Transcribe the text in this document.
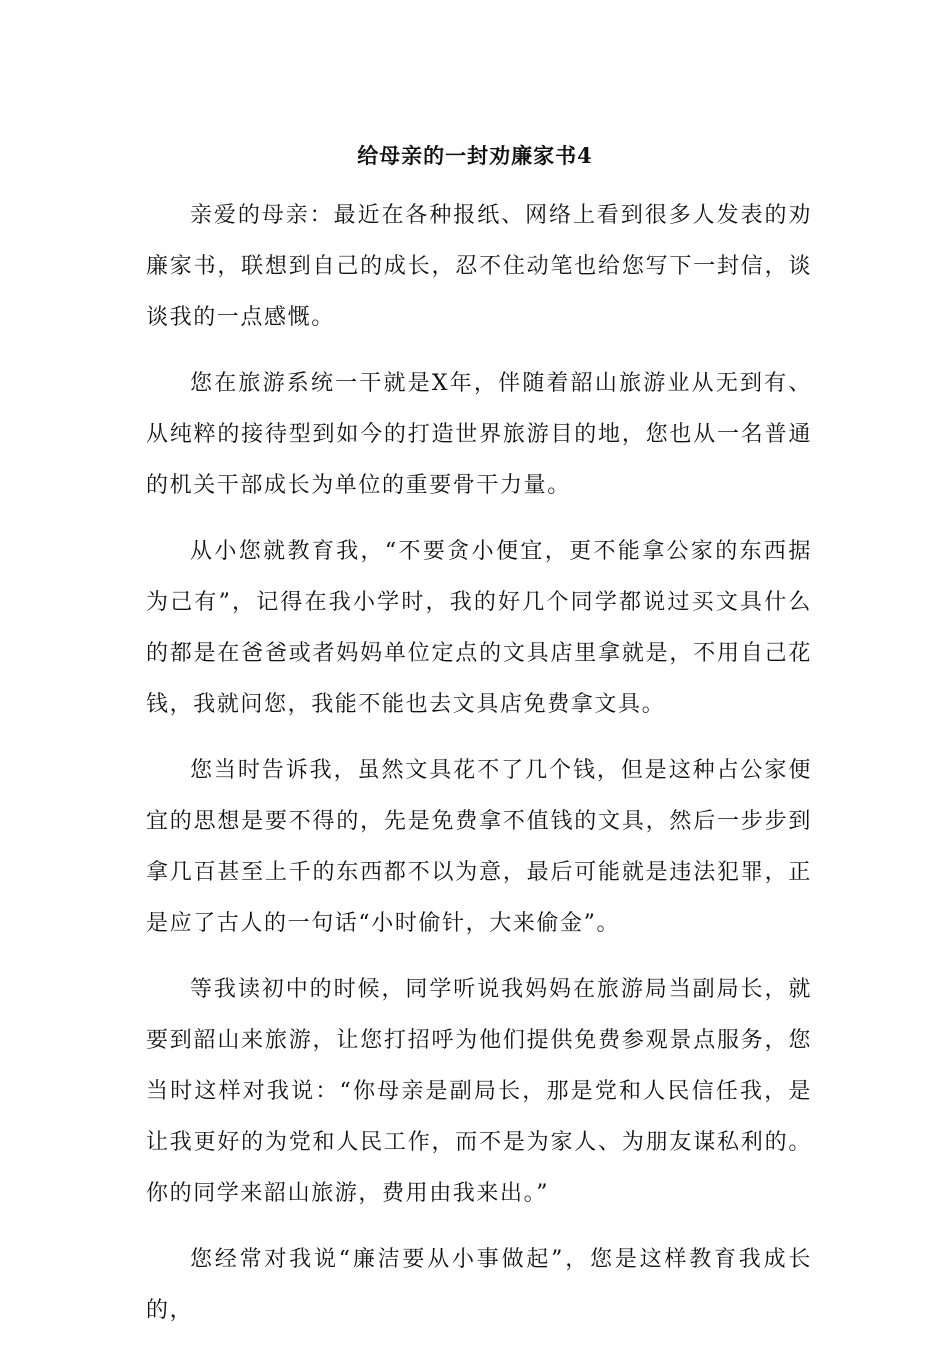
给母亲的一封劝廉家书4

亲爱的母亲：最近在各种报纸、网络上看到很多人发表的劝廉家书，联想到自己的成长，忍不住动笔也给您写下一封信，谈谈我的一点感慨。

您在旅游系统一干就是X年，伴随着韶山旅游业从无到有、从纯粹的接待型到如今的打造世界旅游目的地，您也从一名普通的机关干部成长为单位的重要骨干力量。

从小您就教育我，“不要贪小便宜，更不能拿公家的东西据为己有”，记得在我小学时，我的好几个同学都说过买文具什么的都是在爸爸或者妈妈单位定点的文具店里拿就是，不用自己花钱，我就问您，我能不能也去文具店免费拿文具。

您当时告诉我，虽然文具花不了几个钱，但是这种占公家便宜的思想是要不得的，先是免费拿不值钱的文具，然后一步步到拿几百甚至上千的东西都不以为意，最后可能就是违法犯罪，正是应了古人的一句话“小时偷针，大来偷金”。

等我读初中的时候，同学听说我妈妈在旅游局当副局长，就要到韶山来旅游，让您打招呼为他们提供免费参观景点服务，您当时这样对我说：“你母亲是副局长，那是党和人民信任我，是让我更好的为党和人民工作，而不是为家人、为朋友谋私利的。你的同学来韶山旅游，费用由我来出。”

您经常对我说“廉洁要从小事做起”，您是这样教育我成长的，
